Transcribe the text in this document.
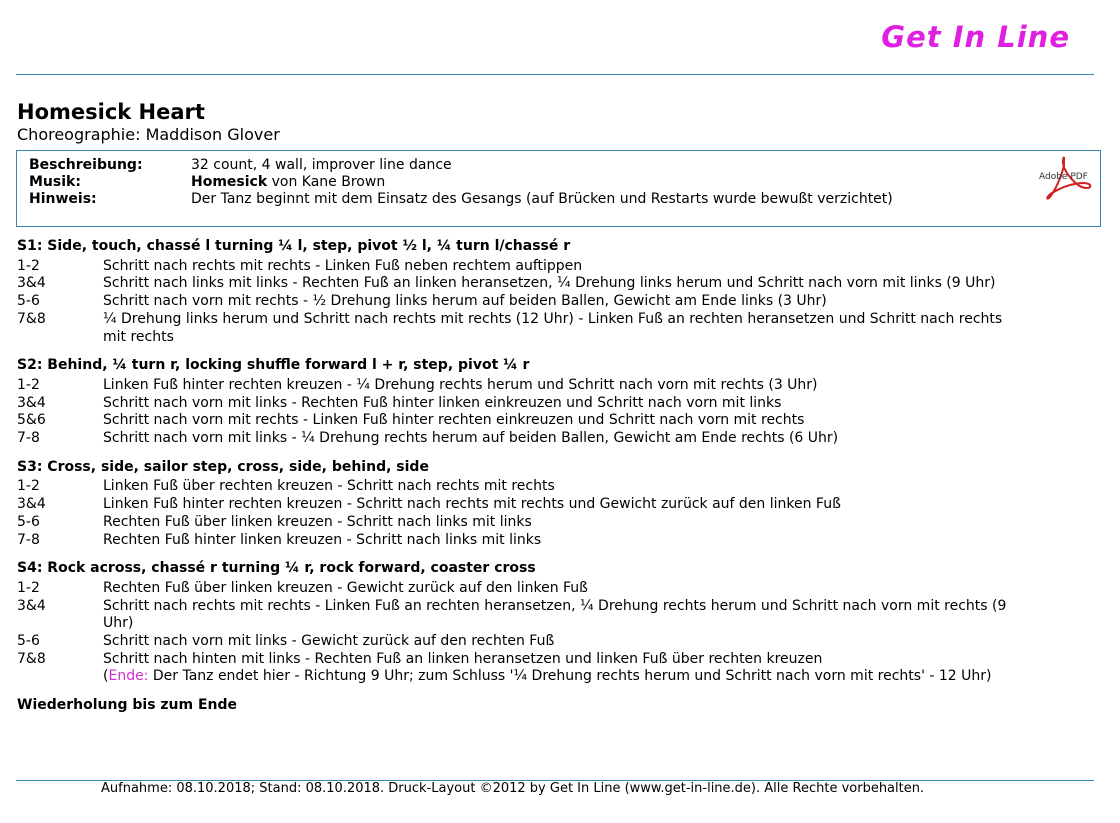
Get In Line
Homesick Heart
Choreographie: Maddison Glover
Beschreibung:	32 count, 4 wall, improver line dance
Musik:	Homesick von Kane Brown
Hinweis:	Der Tanz beginnt mit dem Einsatz des Gesangs (auf Brücken und Restarts wurde bewußt verzichtet)
Adobe PDF
S1: Side, touch, chassé l turning ¼ l, step, pivot ½ l, ¼ turn l/chassé r
1-2	Schritt nach rechts mit rechts - Linken Fuß neben rechtem auftippen
3&4	Schritt nach links mit links - Rechten Fuß an linken heransetzen, ¼ Drehung links herum und Schritt nach vorn mit links (9 Uhr)
5-6	Schritt nach vorn mit rechts - ½ Drehung links herum auf beiden Ballen, Gewicht am Ende links (3 Uhr)
7&8	¼ Drehung links herum und Schritt nach rechts mit rechts (12 Uhr) - Linken Fuß an rechten heransetzen und Schritt nach rechts mit rechts
S2: Behind, ¼ turn r, locking shuffle forward l + r, step, pivot ¼ r
1-2	Linken Fuß hinter rechten kreuzen - ¼ Drehung rechts herum und Schritt nach vorn mit rechts (3 Uhr)
3&4	Schritt nach vorn mit links - Rechten Fuß hinter linken einkreuzen und Schritt nach vorn mit links
5&6	Schritt nach vorn mit rechts - Linken Fuß hinter rechten einkreuzen und Schritt nach vorn mit rechts
7-8	Schritt nach vorn mit links - ¼ Drehung rechts herum auf beiden Ballen, Gewicht am Ende rechts (6 Uhr)
S3: Cross, side, sailor step, cross, side, behind, side
1-2	Linken Fuß über rechten kreuzen - Schritt nach rechts mit rechts
3&4	Linken Fuß hinter rechten kreuzen - Schritt nach rechts mit rechts und Gewicht zurück auf den linken Fuß
5-6	Rechten Fuß über linken kreuzen - Schritt nach links mit links
7-8	Rechten Fuß hinter linken kreuzen - Schritt nach links mit links
S4: Rock across, chassé r turning ¼ r, rock forward, coaster cross
1-2	Rechten Fuß über linken kreuzen - Gewicht zurück auf den linken Fuß
3&4	Schritt nach rechts mit rechts - Linken Fuß an rechten heransetzen, ¼ Drehung rechts herum und Schritt nach vorn mit rechts (9 Uhr)
5-6	Schritt nach vorn mit links - Gewicht zurück auf den rechten Fuß
7&8	Schritt nach hinten mit links - Rechten Fuß an linken heransetzen und linken Fuß über rechten kreuzen
(Ende: Der Tanz endet hier - Richtung 9 Uhr; zum Schluss '¼ Drehung rechts herum und Schritt nach vorn mit rechts' - 12 Uhr)
Wiederholung bis zum Ende
Aufnahme: 08.10.2018; Stand: 08.10.2018. Druck-Layout ©2012 by Get In Line (www.get-in-line.de). Alle Rechte vorbehalten.
